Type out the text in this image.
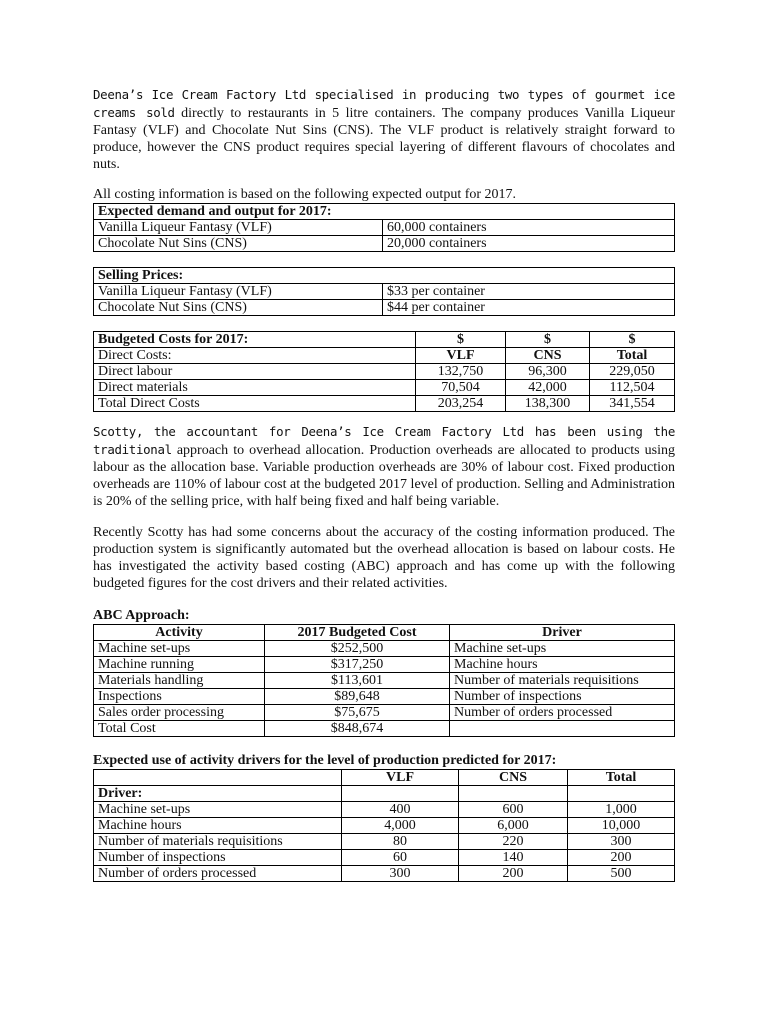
Deena’s Ice Cream Factory Ltd specialised in producing two types of gourmet ice creams sold directly to restaurants in 5 litre containers. The company produces Vanilla Liqueur Fantasy (VLF) and Chocolate Nut Sins (CNS). The VLF product is relatively straight forward to produce, however the CNS product requires special layering of different flavours of chocolates and nuts.

All costing information is based on the following expected output for 2017.

Expected demand and output for 2017:	
Vanilla Liqueur Fantasy (VLF)	60,000 containers
Chocolate Nut Sins (CNS)	20,000 containers
Selling Prices:	
Vanilla Liqueur Fantasy (VLF)	$33 per container
Chocolate Nut Sins (CNS)	$44 per container
Budgeted Costs for 2017:	$	$	$
Direct Costs:	VLF	CNS	Total
Direct labour	132,750	96,300	229,050
Direct materials	70,504	42,000	112,504
Total Direct Costs	203,254	138,300	341,554

Scotty, the accountant for Deena’s Ice Cream Factory Ltd has been using the traditional approach to overhead allocation. Production overheads are allocated to products using labour as the allocation base. Variable production overheads are 30% of labour cost. Fixed production overheads are 110% of labour cost at the budgeted 2017 level of production. Selling and Administration is 20% of the selling price, with half being fixed and half being variable.

Recently Scotty has had some concerns about the accuracy of the costing information produced. The production system is significantly automated but the overhead allocation is based on labour costs. He has investigated the activity based costing (ABC) approach and has come up with the following budgeted figures for the cost drivers and their related activities.

ABC Approach:
Activity	2017 Budgeted Cost	Driver
Machine set-ups	$252,500	Machine set-ups
Machine running	$317,250	Machine hours
Materials handling	$113,601	Number of materials requisitions
Inspections	$89,648	Number of inspections
Sales order processing	$75,675	Number of orders processed
Total Cost	$848,674	
Expected use of activity drivers for the level of production predicted for 2017:
	VLF	CNS	Total
Driver:			
Machine set-ups	400	600	1,000
Machine hours	4,000	6,000	10,000
Number of materials requisitions	80	220	300
Number of inspections	60	140	200
Number of orders processed	300	200	500
